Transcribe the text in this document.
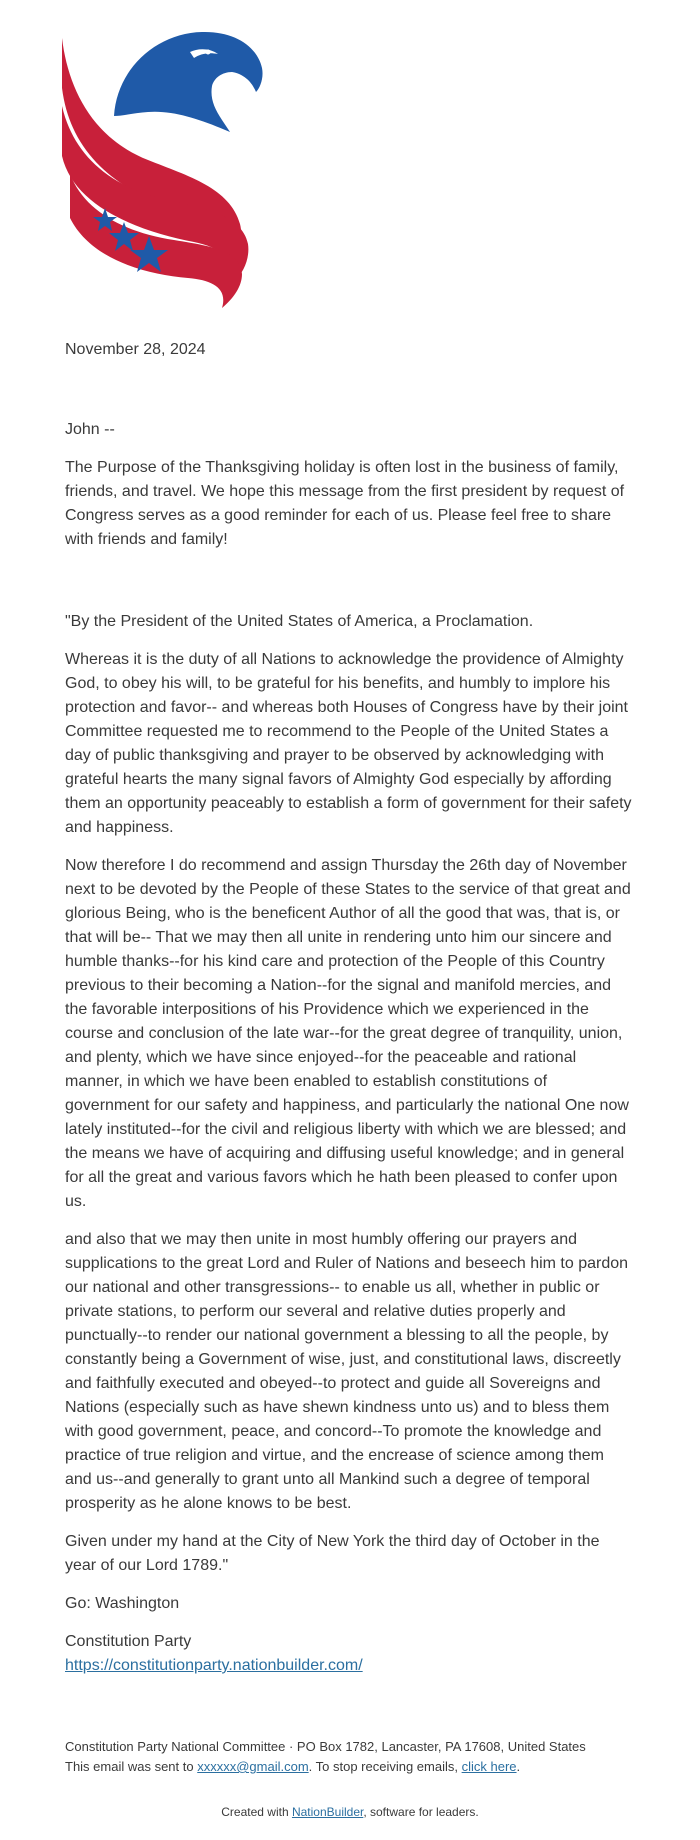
November 28, 2024

John --

The Purpose of the Thanksgiving holiday is often lost in the business of family, friends, and travel. We hope this message from the first president by request of Congress serves as a good reminder for each of us. Please feel free to share with friends and family!

"By the President of the United States of America, a Proclamation.

Whereas it is the duty of all Nations to acknowledge the providence of Almighty God, to obey his will, to be grateful for his benefits, and humbly to implore his protection and favor-- and whereas both Houses of Congress have by their joint Committee requested me to recommend to the People of the United States a day of public thanksgiving and prayer to be observed by acknowledging with grateful hearts the many signal favors of Almighty God especially by affording them an opportunity peaceably to establish a form of government for their safety and happiness.

Now therefore I do recommend and assign Thursday the 26th day of November next to be devoted by the People of these States to the service of that great and glorious Being, who is the beneficent Author of all the good that was, that is, or that will be-- That we may then all unite in rendering unto him our sincere and humble thanks--for his kind care and protection of the People of this Country previous to their becoming a Nation--for the signal and manifold mercies, and the favorable interpositions of his Providence which we experienced in the course and conclusion of the late war--for the great degree of tranquility, union, and plenty, which we have since enjoyed--for the peaceable and rational manner, in which we have been enabled to establish constitutions of government for our safety and happiness, and particularly the national One now lately instituted--for the civil and religious liberty with which we are blessed; and the means we have of acquiring and diffusing useful knowledge; and in general for all the great and various favors which he hath been pleased to confer upon us.

and also that we may then unite in most humbly offering our prayers and supplications to the great Lord and Ruler of Nations and beseech him to pardon our national and other transgressions-- to enable us all, whether in public or private stations, to perform our several and relative duties properly and punctually--to render our national government a blessing to all the people, by constantly being a Government of wise, just, and constitutional laws, discreetly and faithfully executed and obeyed--to protect and guide all Sovereigns and Nations (especially such as have shewn kindness unto us) and to bless them with good government, peace, and concord--To promote the knowledge and practice of true religion and virtue, and the encrease of science among them and us--and generally to grant unto all Mankind such a degree of temporal prosperity as he alone knows to be best.

Given under my hand at the City of New York the third day of October in the year of our Lord 1789."

Go: Washington

Constitution Party
https://constitutionparty.nationbuilder.com/

Constitution Party National Committee · PO Box 1782, Lancaster, PA 17608, United States

This email was sent to xxxxxx@gmail.com. To stop receiving emails, click here.

Created with NationBuilder, software for leaders.
